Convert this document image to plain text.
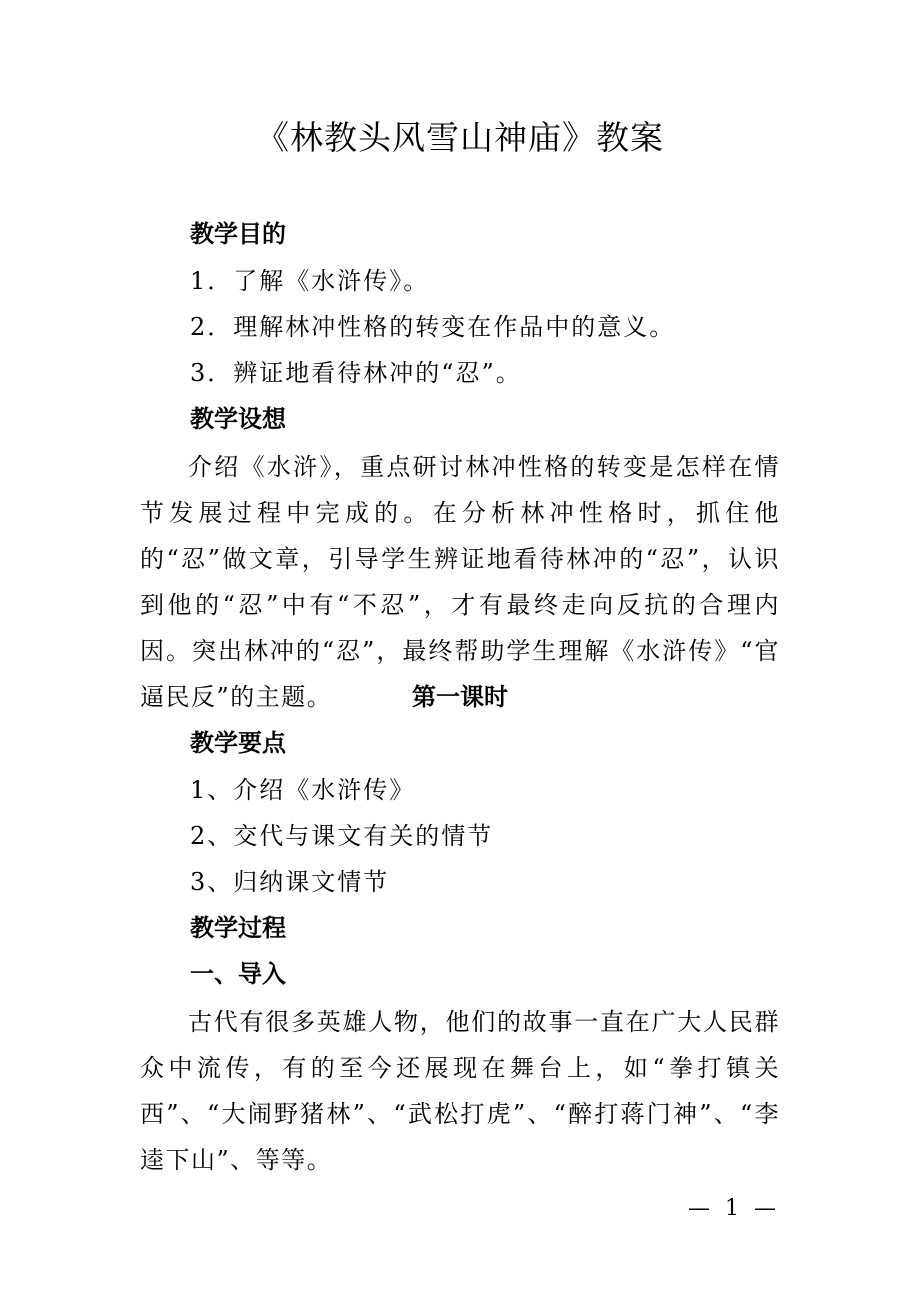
《林教头风雪山神庙》教案
教学目的
1．了解《水浒传》。
2．理解林冲性格的转变在作品中的意义。
3．辨证地看待林冲的“忍”。
教学设想
介绍《水浒》，重点研讨林冲性格的转变是怎样在情节发展过程中完成的。在分析林冲性格时，抓住他的“忍”做文章，引导学生辨证地看待林冲的“忍”，认识到他的“忍”中有“不忍”，才有最终走向反抗的合理内因。突出林冲的“忍”，最终帮助学生理解《水浒传》“官逼民反”的主题。	第一课时
教学要点
1、介绍《水浒传》
2、交代与课文有关的情节
3、归纳课文情节
教学过程
一、导入
古代有很多英雄人物，他们的故事一直在广大人民群众中流传，有的至今还展现在舞台上，如“拳打镇关西”、“大闹野猪林”、“武松打虎”、“醉打蒋门神”、“李逵下山”、等等。
— 1 —
